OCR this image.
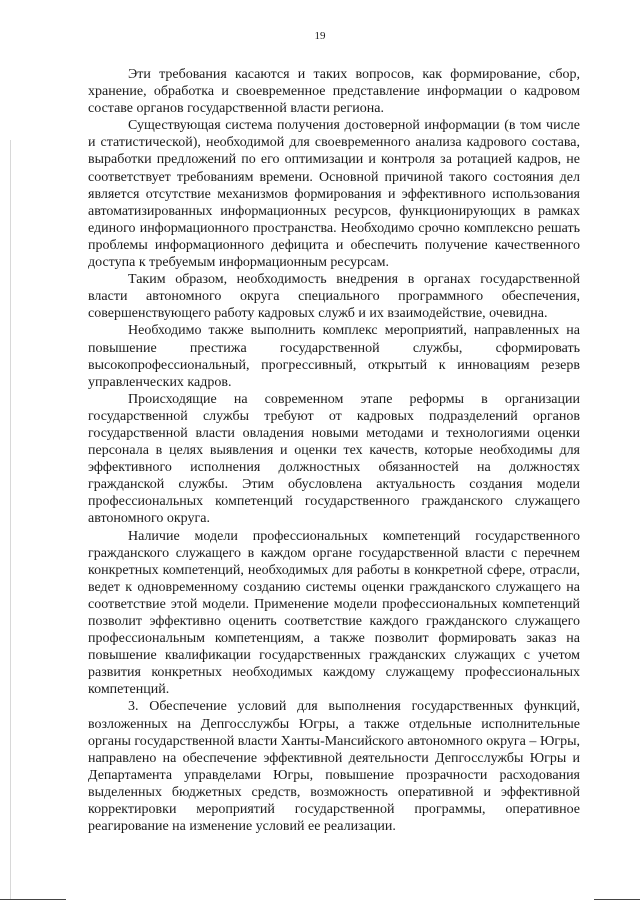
19

Эти требования касаются и таких вопросов, как формирование, сбор, хранение, обработка и своевременное представление информации о кадровом составе органов государственной власти региона.

Существующая система получения достоверной информации (в том числе и статистической), необходимой для своевременного анализа кадрового состава, выработки предложений по его оптимизации и контроля за ротацией кадров, не соответствует требованиям времени. Основной причиной такого состояния дел является отсутствие механизмов формирования и эффективного использования автоматизированных информационных ресурсов, функционирующих в рамках единого информационного пространства. Необходимо срочно комплексно решать проблемы информационного дефицита и обеспечить получение качественного доступа к требуемым информационным ресурсам.

Таким образом, необходимость внедрения в органах государственной власти автономного округа специального программного обеспечения, совершенствующего работу кадровых служб и их взаимодействие, очевидна.

Необходимо также выполнить комплекс мероприятий, направленных на повышение престижа государственной службы, сформировать высокопрофессиональный, прогрессивный, открытый к инновациям резерв управленческих кадров.

Происходящие на современном этапе реформы в организации государственной службы требуют от кадровых подразделений органов государственной власти овладения новыми методами и технологиями оценки персонала в целях выявления и оценки тех качеств, которые необходимы для эффективного исполнения должностных обязанностей на должностях гражданской службы. Этим обусловлена актуальность создания модели профессиональных компетенций государственного гражданского служащего автономного округа.

Наличие модели профессиональных компетенций государственного гражданского служащего в каждом органе государственной власти с перечнем конкретных компетенций, необходимых для работы в конкретной сфере, отрасли, ведет к одновременному созданию системы оценки гражданского служащего на соответствие этой модели. Применение модели профессиональных компетенций позволит эффективно оценить соответствие каждого гражданского служащего профессиональным компетенциям, а также позволит формировать заказ на повышение квалификации государственных гражданских служащих с учетом развития конкретных необходимых каждому служащему профессиональных компетенций.

3. Обеспечение условий для выполнения государственных функций, возложенных на Депгосслужбы Югры, а также отдельные исполнительные органы государственной власти Ханты-Мансийского автономного округа – Югры, направлено на обеспечение эффективной деятельности Депгосслужбы Югры и Департамента управделами Югры, повышение прозрачности расходования выделенных бюджетных средств, возможность оперативной и эффективной корректировки мероприятий государственной программы, оперативное реагирование на изменение условий ее реализации.
